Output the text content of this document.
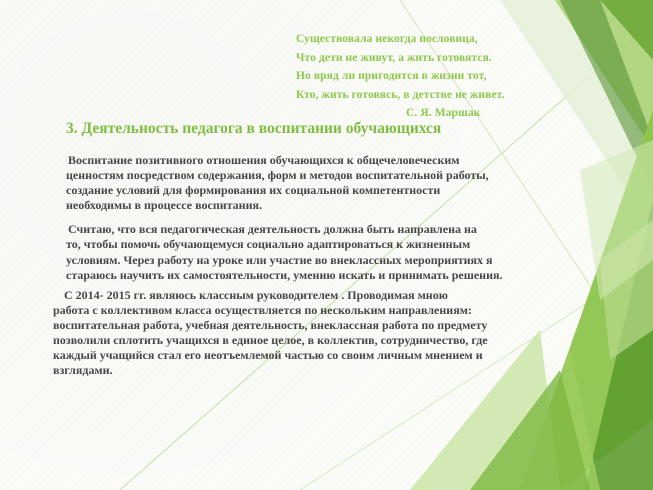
Существовала некогда пословица,
Что дети не живут, а жить готовятся.
Но вряд ли пригодится в жизни тот,
Кто, жить готовясь, в детстве не живет.
С. Я. Маршак
3. Деятельность педагога в воспитании обучающихся

Воспитание позитивного отношения обучающихся к общечеловеческим
ценностям посредством содержания, форм и методов воспитательной работы,
создание условий для формирования их социальной компетентности
необходимы в процессе воспитания.

Считаю, что вся педагогическая деятельность должна быть направлена на
то, чтобы помочь обучающемуся социально адаптироваться к жизненным
условиям. Через работу на уроке или участие во внеклассных мероприятиях я
стараюсь научить их самостоятельности, умению искать и принимать решения.

С 2014- 2015 гг. являюсь классным руководителем . Проводимая мною
работа с коллективом класса осуществляется по нескольким направлениям:
воспитательная работа, учебная деятельность, внеклассная работа по предмету
позволили сплотить учащихся в единое целое, в коллектив, сотрудничество, где
каждый учащийся стал его неотъемлемой частью со своим личным мнением и
взглядами.
